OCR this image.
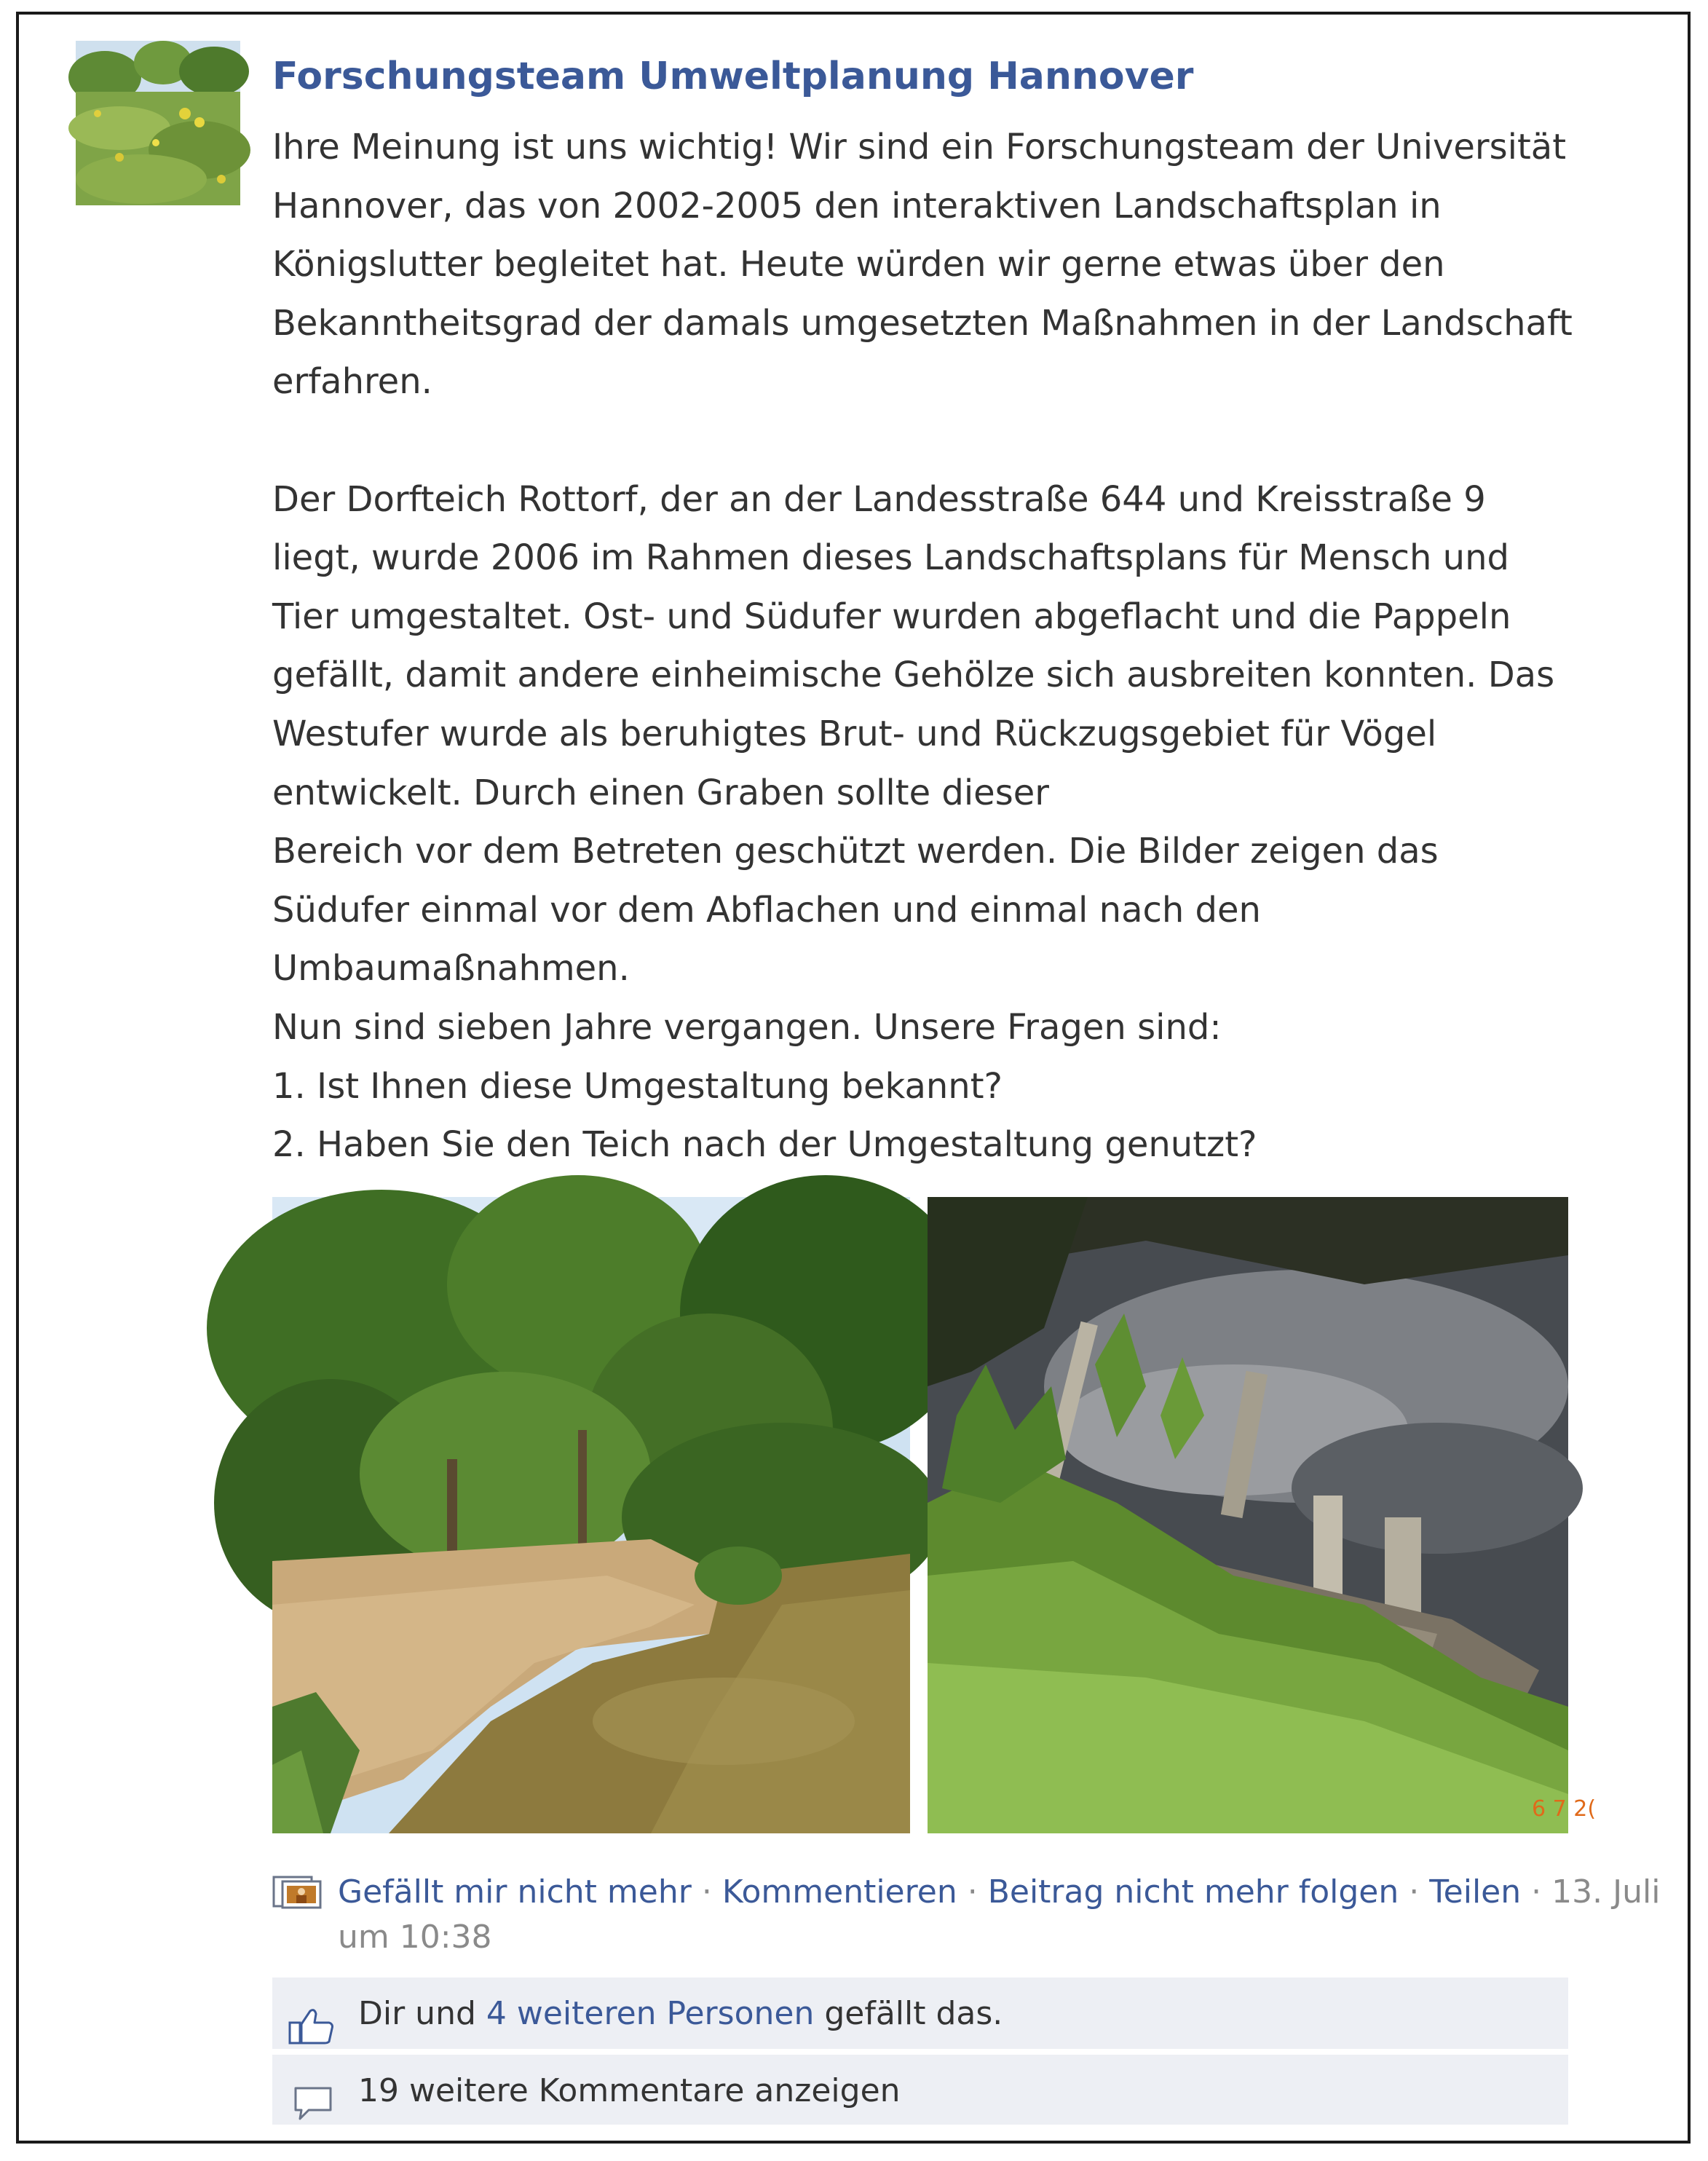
Forschungsteam Umweltplanung Hannover

Ihre Meinung ist uns wichtig! Wir sind ein Forschungsteam der Universität
Hannover, das von 2002-2005 den interaktiven Landschaftsplan in
Königslutter begleitet hat. Heute würden wir gerne etwas über den
Bekanntheitsgrad der damals umgesetzten Maßnahmen in der Landschaft
erfahren.

Der Dorfteich Rottorf, der an der Landesstraße 644 und Kreisstraße 9
liegt, wurde 2006 im Rahmen dieses Landschaftsplans für Mensch und
Tier umgestaltet. Ost- und Südufer wurden abgeflacht und die Pappeln
gefällt, damit andere einheimische Gehölze sich ausbreiten konnten. Das
Westufer wurde als beruhigtes Brut- und Rückzugsgebiet für Vögel
entwickelt. Durch einen Graben sollte dieser
Bereich vor dem Betreten geschützt werden. Die Bilder zeigen das
Südufer einmal vor dem Abflachen und einmal nach den
Umbaumaßnahmen.
Nun sind sieben Jahre vergangen. Unsere Fragen sind:
1. Ist Ihnen diese Umgestaltung bekannt?
2. Haben Sie den Teich nach der Umgestaltung genutzt?

6 7 2(
Gefällt mir nicht mehr · Kommentieren · Beitrag nicht mehr folgen · Teilen · 13. Juli
um 10:38
Dir und 4 weiteren Personen gefällt das.
19 weitere Kommentare anzeigen
